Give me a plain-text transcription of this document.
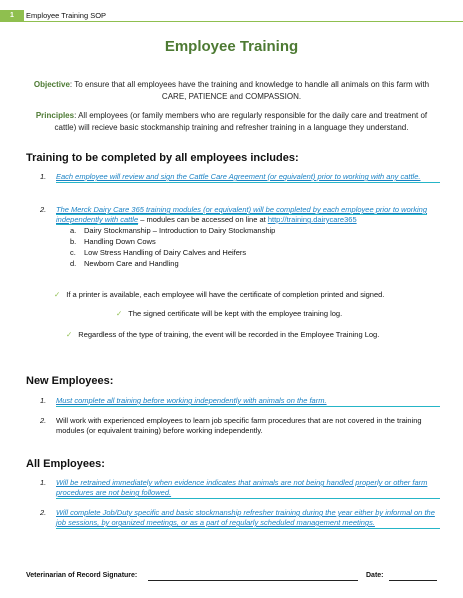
1	Employee Training SOP
Employee Training
Objective: To ensure that all employees have the training and knowledge to handle all animals on this farm with CARE, PATIENCE and COMPASSION.
Principles: All employees (or family members who are regularly responsible for the daily care and treatment of cattle) will recieve basic stockmanship training and refresher training in a language they understand.
Training to be completed by all employees includes:
1. Each employee will review and sign the Cattle Care Agreement (or equivalent) prior to working with any cattle.
2. The Merck Dairy Care 365 training modules (or equivalent) will be completed by each employee prior to working independently with cattle – modules can be accessed on line at http://training.dairycare365
a. Dairy Stockmanship – Introduction to Dairy Stockmanship
b. Handling Down Cows
c. Low Stress Handling of Dairy Calves and Heifers
d. Newborn Care and Handling
✓ If a printer is available, each employee will have the certificate of completion printed and signed.
✓ The signed certificate will be kept with the employee training log.
✓ Regardless of the type of training, the event will be recorded in the Employee Training Log.
New Employees:
1. Must complete all training before working independently with animals on the farm.
2. Will work with experienced employees to learn job specific farm procedures that are not covered in the training modules (or equivalent training) before working independently.
All Employees:
1. Will be retrained immediately when evidence indicates that animals are not being handled properly or other farm procedures are not being followed.
2. Will complete Job/Duty specific and basic stockmanship refresher training during the year either by informal on the job sessions, by organized meetings, or as a part of regularly scheduled management meetings.
Veterinarian of Record Signature:	Date:
